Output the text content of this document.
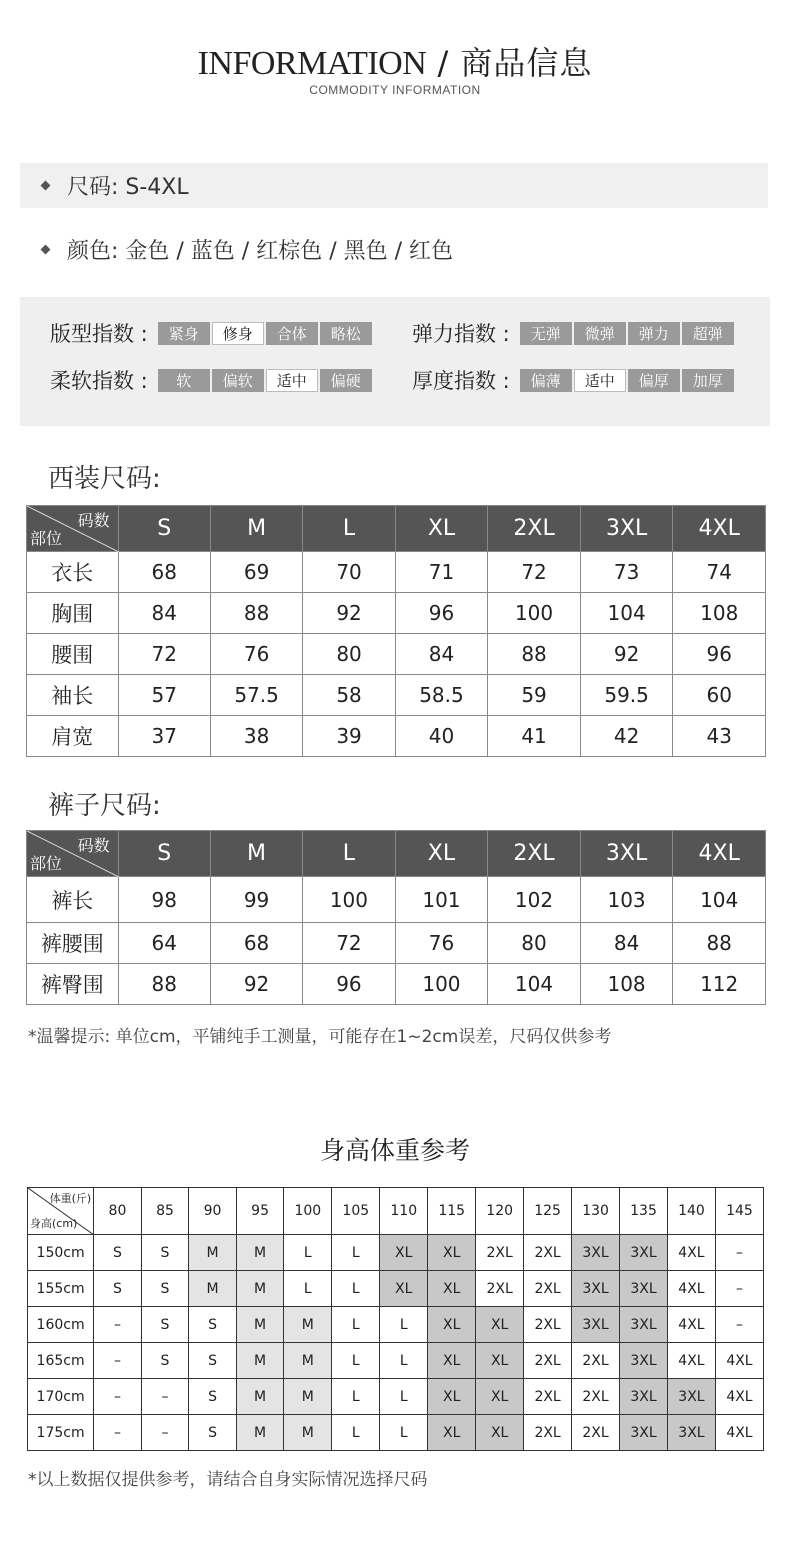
INFORMATION / 商品信息
COMMODITY INFORMATION
尺码: S-4XL
颜色: 金色 / 蓝色 / 红棕色 / 黑色 / 红色
版型指数 :	紧身	修身	合体	略松	弹力指数 :	无弹	微弹	弹力	超弹
柔软指数 :	软	偏软	适中	偏硬	厚度指数 :	偏薄	适中	偏厚	加厚
西装尺码:
码数
部位	S	M	L	XL	2XL	3XL	4XL
衣长	68	69	70	71	72	73	74
胸围	84	88	92	96	100	104	108
腰围	72	76	80	84	88	92	96
袖长	57	57.5	58	58.5	59	59.5	60
肩宽	37	38	39	40	41	42	43
裤子尺码:
码数
部位	S	M	L	XL	2XL	3XL	4XL
裤长	98	99	100	101	102	103	104
裤腰围	64	68	72	76	80	84	88
裤臀围	88	92	96	100	104	108	112
*温馨提示: 单位cm，平铺纯手工测量，可能存在1~2cm误差，尺码仅供参考
身高体重参考
体重(斤)
身高(cm)	80	85	90	95	100	105	110	115	120	125	130	135	140	145
150cm	S	S	M	M	L	L	XL	XL	2XL	2XL	3XL	3XL	4XL	–
155cm	S	S	M	M	L	L	XL	XL	2XL	2XL	3XL	3XL	4XL	–
160cm	–	S	S	M	M	L	L	XL	XL	2XL	3XL	3XL	4XL	–
165cm	–	S	S	M	M	L	L	XL	XL	2XL	2XL	3XL	4XL	4XL
170cm	–	–	S	M	M	L	L	XL	XL	2XL	2XL	3XL	3XL	4XL
175cm	–	–	S	M	M	L	L	XL	XL	2XL	2XL	3XL	3XL	4XL
*以上数据仅提供参考，请结合自身实际情况选择尺码
